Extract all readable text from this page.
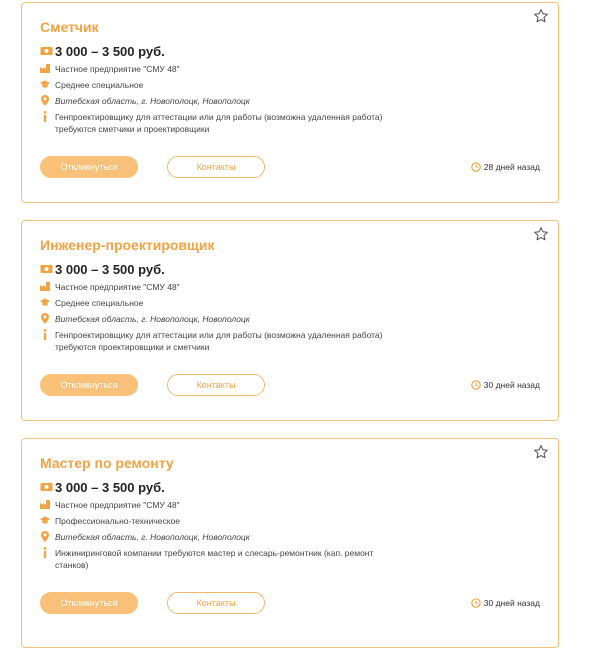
Сметчик
3 000 – 3 500 руб.
Частное предприятие "СМУ 48"
Среднее специальное
Витебская область, г. Новополоцк, Новополоцк
Генпроектировщику для аттестации или для работы (возможна удаленная работа) требуются сметчики и проектировщики
Откликнуться	Контакты	28 дней назад
Инженер-проектировщик
3 000 – 3 500 руб.
Частное предприятие "СМУ 48"
Среднее специальное
Витебская область, г. Новополоцк, Новополоцк
Генпроектировщику для аттестации или для работы (возможна удаленная работа) требуются проектировщики и сметчики
Откликнуться	Контакты	30 дней назад
Мастер по ремонту
3 000 – 3 500 руб.
Частное предприятие "СМУ 48"
Профессионально-техническое
Витебская область, г. Новополоцк, Новополоцк
Инжиниринговой компании требуются мастер и слесарь-ремонтник (кап. ремонт станков)
Откликнуться	Контакты	30 дней назад
